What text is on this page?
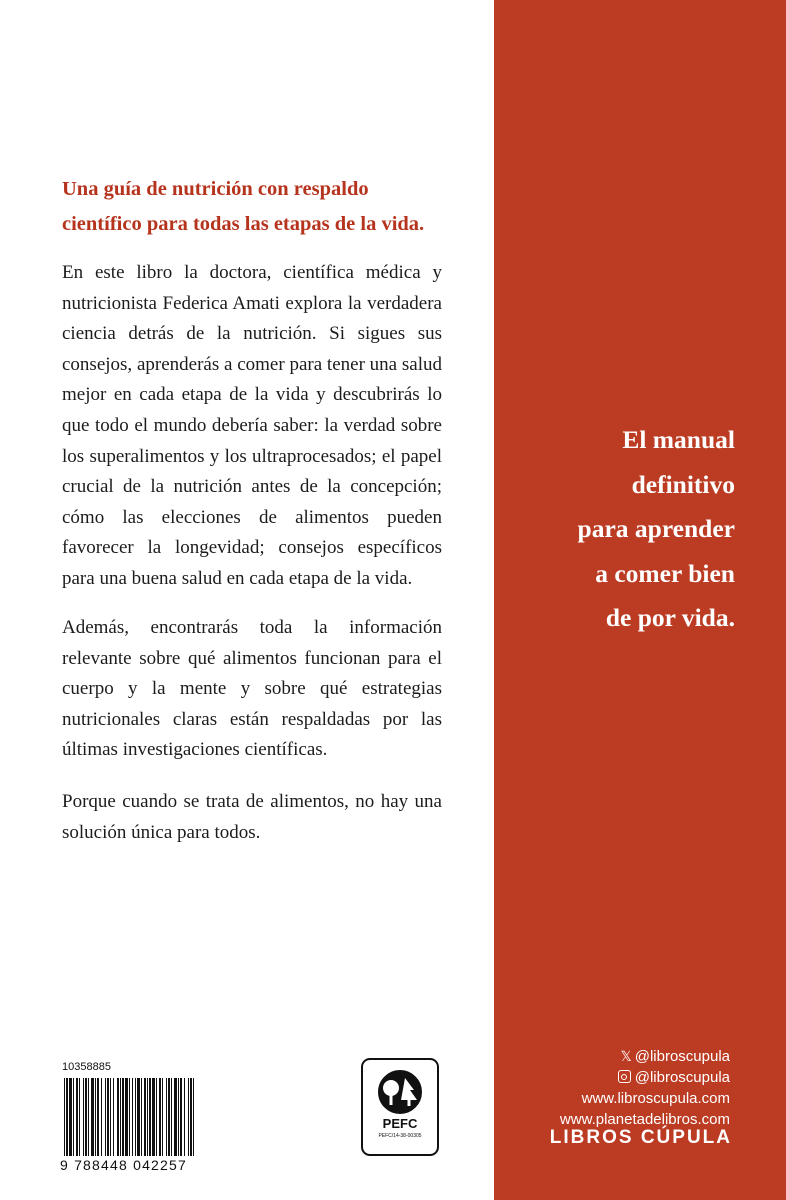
Una guía de nutrición con respaldo científico para todas las etapas de la vida.

En este libro la doctora, científica médica y nutricionista Federica Amati explora la verdadera ciencia detrás de la nutrición. Si sigues sus consejos, aprenderás a comer para tener una salud mejor en cada etapa de la vida y descubrirás lo que todo el mundo debería saber: la verdad sobre los superalimentos y los ultraprocesados; el papel crucial de la nutrición antes de la concepción; cómo las elecciones de alimentos pueden favorecer la longevidad; consejos específicos para una buena salud en cada etapa de la vida.

Además, encontrarás toda la información relevante sobre qué alimentos funcionan para el cuerpo y la mente y sobre qué estrategias nutricionales claras están respaldadas por las últimas investigaciones científicas.

Porque cuando se trata de alimentos, no hay una solución única para todos.

El manual
definitivo
para aprender
a comer bien
de por vida.
𝕏 @libroscupula
@libroscupula
www.libroscupula.com
www.planetadelibros.com
LIBROS CÚPULA
10358885
9 788448 042257
PEFC
PEFC/14-38-00305
